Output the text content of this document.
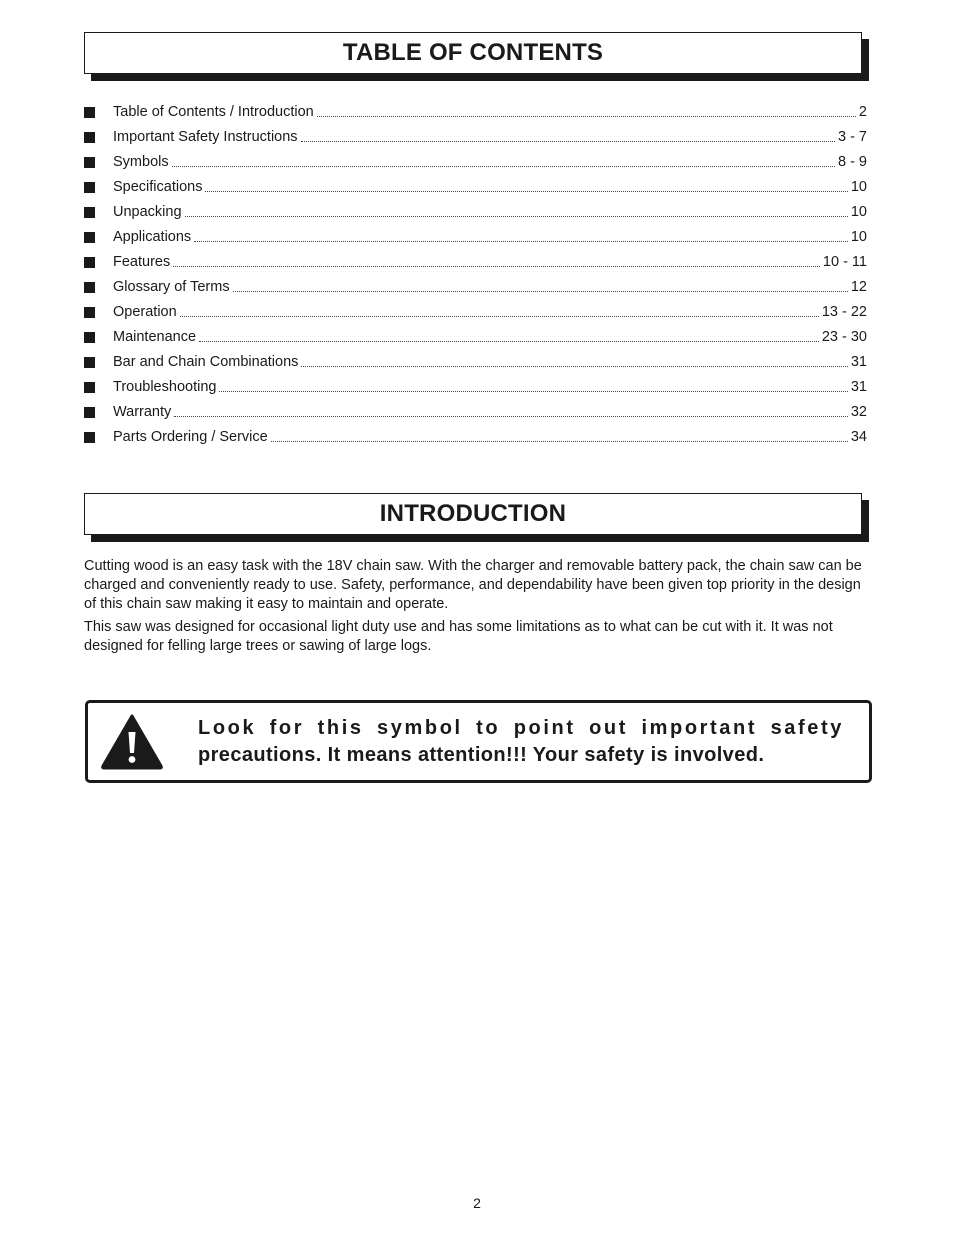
TABLE OF CONTENTS
Table of Contents / Introduction	2
Important Safety Instructions	3 - 7
Symbols	8 - 9
Specifications	10
Unpacking	10
Applications	10
Features	10 - 11
Glossary of Terms	12
Operation	13 - 22
Maintenance	23 - 30
Bar and Chain Combinations	31
Troubleshooting	31
Warranty	32
Parts Ordering / Service	34
INTRODUCTION

Cutting wood is an easy task with the 18V chain saw. With the charger and removable battery pack, the chain saw can be charged and conveniently ready to use. Safety, performance, and dependability have been given top priority in the design of this chain saw making it easy to maintain and operate.

This saw was designed for occasional light duty use and has some limitations as to what can be cut with it. It was not designed for felling large trees or sawing of large logs.

Look for this symbol to point out important safety
precautions. It means attention!!! Your safety is involved.
2
